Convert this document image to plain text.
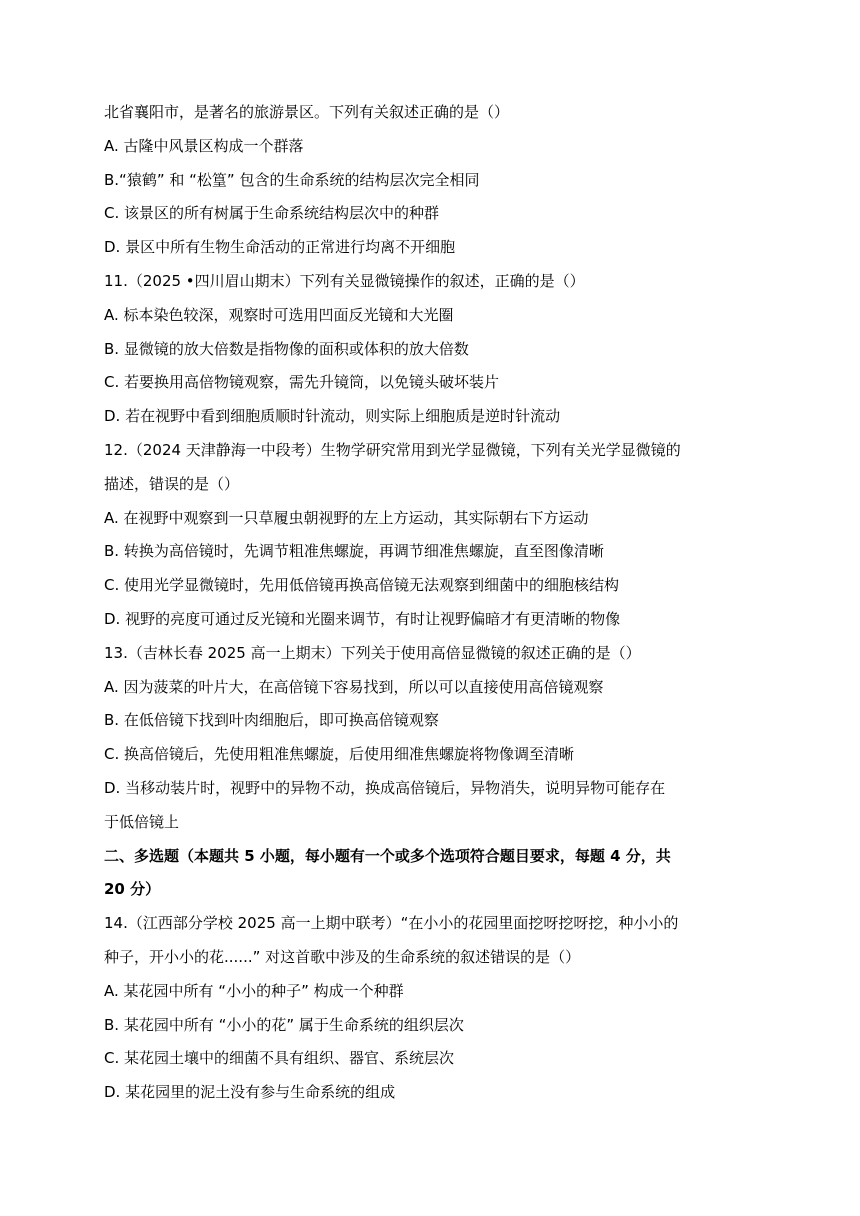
北省襄阳市，是著名的旅游景区。下列有关叙述正确的是（）
A. 古隆中风景区构成一个群落
B.“猿鹤” 和 “松篁” 包含的生命系统的结构层次完全相同
C. 该景区的所有树属于生命系统结构层次中的种群
D. 景区中所有生物生命活动的正常进行均离不开细胞
11.（2025 •四川眉山期末）下列有关显微镜操作的叙述，正确的是（）
A. 标本染色较深，观察时可选用凹面反光镜和大光圈
B. 显微镜的放大倍数是指物像的面积或体积的放大倍数
C. 若要换用高倍物镜观察，需先升镜筒，以免镜头破坏装片
D. 若在视野中看到细胞质顺时针流动，则实际上细胞质是逆时针流动
12.（2024 天津静海一中段考）生物学研究常用到光学显微镜，下列有关光学显微镜的
描述，错误的是（）
A. 在视野中观察到一只草履虫朝视野的左上方运动，其实际朝右下方运动
B. 转换为高倍镜时，先调节粗准焦螺旋，再调节细准焦螺旋，直至图像清晰
C. 使用光学显微镜时，先用低倍镜再换高倍镜无法观察到细菌中的细胞核结构
D. 视野的亮度可通过反光镜和光圈来调节，有时让视野偏暗才有更清晰的物像
13.（吉林长春 2025 高一上期末）下列关于使用高倍显微镜的叙述正确的是（）
A. 因为菠菜的叶片大，在高倍镜下容易找到，所以可以直接使用高倍镜观察
B. 在低倍镜下找到叶肉细胞后，即可换高倍镜观察
C. 换高倍镜后，先使用粗准焦螺旋，后使用细准焦螺旋将物像调至清晰
D. 当移动装片时，视野中的异物不动，换成高倍镜后，异物消失，说明异物可能存在
于低倍镜上
二、多选题（本题共 5 小题，每小题有一个或多个选项符合题目要求，每题 4 分，共
20 分）
14.（江西部分学校 2025 高一上期中联考）“在小小的花园里面挖呀挖呀挖，种小小的
种子，开小小的花......” 对这首歌中涉及的生命系统的叙述错误的是（）
A. 某花园中所有 “小小的种子” 构成一个种群
B. 某花园中所有 “小小的花” 属于生命系统的组织层次
C. 某花园土壤中的细菌不具有组织、器官、系统层次
D. 某花园里的泥土没有参与生命系统的组成
